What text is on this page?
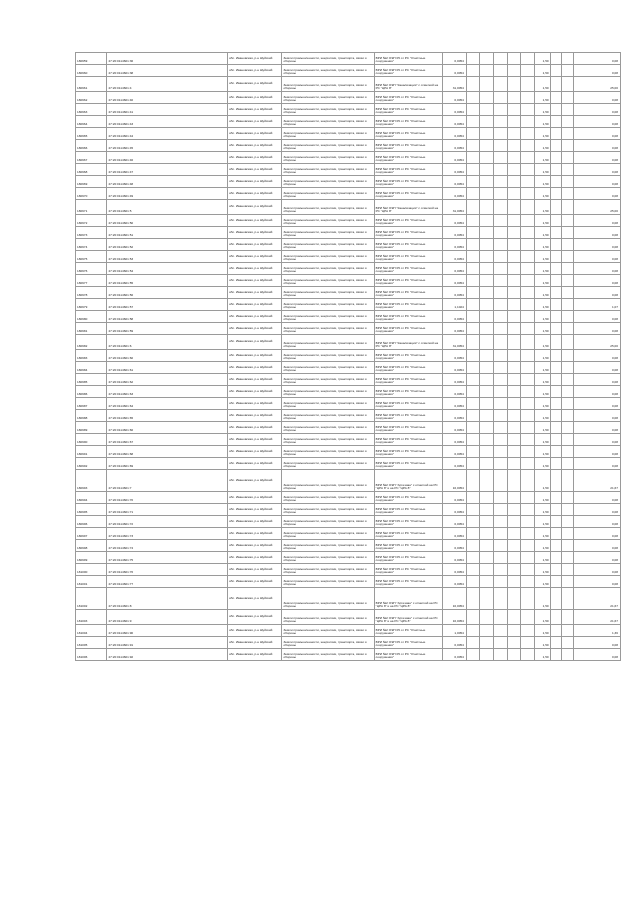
180959	27:20:0114601:36	обл. Ивановская, р-н Шуйский	Земли промышленности, энергетики, транспорта, связи и обороны	ВРИ №2 ОЭН 05 от РС "Очистные сооружения"	0,0054						1,50			0,08
180960	27:20:0114601:38	обл. Ивановская, р-н Шуйский	Земли промышленности, энергетики, транспорта, связи и обороны	ВРИ №2 ОЭН 05 от РС "Очистные сооружения"	0,0054						1,50			0,08
180961	27:20:0114601:4	обл. Ивановская, р-н Шуйский	Земли промышленности, энергетики, транспорта, связи и обороны	ВРИ №2 ОЭН "Канализация" с отметкой на РС "ЦРА 8"	31,0054						1,50			25,00
180962	27:20:0114601:40	обл. Ивановская, р-н Шуйский	Земли промышленности, энергетики, транспорта, связи и обороны	ВРИ №2 ОЭН 05 от РС "Очистные сооружения"	0,0054						1,50			0,08
180963	27:20:0114601:41	обл. Ивановская, р-н Шуйский	Земли промышленности, энергетики, транспорта, связи и обороны	ВРИ №2 ОЭН 05 от РС "Очистные сооружения"	0,0054						1,50			0,08
180964	27:20:0114601:43	обл. Ивановская, р-н Шуйский	Земли промышленности, энергетики, транспорта, связи и обороны	ВРИ №2 ОЭН 05 от РС "Очистные сооружения"	0,0054						1,50			0,08
180965	27:20:0114601:44	обл. Ивановская, р-н Шуйский	Земли промышленности, энергетики, транспорта, связи и обороны	ВРИ №2 ОЭН 05 от РС "Очистные сооружения"	0,0054						1,50			0,08
180966	27:20:0114601:45	обл. Ивановская, р-н Шуйский	Земли промышленности, энергетики, транспорта, связи и обороны	ВРИ №2 ОЭН 05 от РС "Очистные сооружения"	0,0054						1,50			0,08
180967	27:20:0114601:46	обл. Ивановская, р-н Шуйский	Земли промышленности, энергетики, транспорта, связи и обороны	ВРИ №2 ОЭН 05 от РС "Очистные сооружения"	0,0054						1,50			0,08
180968	27:20:0114601:47	обл. Ивановская, р-н Шуйский	Земли промышленности, энергетики, транспорта, связи и обороны	ВРИ №2 ОЭН 05 от РС "Очистные сооружения"	0,0054						1,50			0,08
180969	27:20:0114601:48	обл. Ивановская, р-н Шуйский	Земли промышленности, энергетики, транспорта, связи и обороны	ВРИ №2 ОЭН 05 от РС "Очистные сооружения"	0,0054						1,50			0,08
180970	27:20:0114601:49	обл. Ивановская, р-н Шуйский	Земли промышленности, энергетики, транспорта, связи и обороны	ВРИ №2 ОЭН 05 от РС "Очистные сооружения"	0,0054						1,50			0,08
180971	27:20:0114601:5	обл. Ивановская, р-н Шуйский	Земли промышленности, энергетики, транспорта, связи и обороны	ВРИ №2 ОЭН "Канализация" с отметкой на РС "ЦРА 8"	31,0054						1,50			25,00
180972	27:20:0114601:50	обл. Ивановская, р-н Шуйский	Земли промышленности, энергетики, транспорта, связи и обороны	ВРИ №2 ОЭН 05 от РС "Очистные сооружения"	0,0054						1,50			0,08
180973	27:20:0114601:51	обл. Ивановская, р-н Шуйский	Земли промышленности, энергетики, транспорта, связи и обороны	ВРИ №2 ОЭН 05 от РС "Очистные сооружения"	0,0054						1,50			0,08
180974	27:20:0114601:52	обл. Ивановская, р-н Шуйский	Земли промышленности, энергетики, транспорта, связи и обороны	ВРИ №2 ОЭН 05 от РС "Очистные сооружения"	0,0054						1,50			0,08
180975	27:20:0114601:53	обл. Ивановская, р-н Шуйский	Земли промышленности, энергетики, транспорта, связи и обороны	ВРИ №2 ОЭН 05 от РС "Очистные сооружения"	0,0054						1,50			0,08
180976	27:20:0114601:54	обл. Ивановская, р-н Шуйский	Земли промышленности, энергетики, транспорта, связи и обороны	ВРИ №2 ОЭН 05 от РС "Очистные сооружения"	0,0054						1,50			0,08
180977	27:20:0114601:55	обл. Ивановская, р-н Шуйский	Земли промышленности, энергетики, транспорта, связи и обороны	ВРИ №2 ОЭН 05 от РС "Очистные сооружения"	0,0054						1,50			0,08
180978	27:20:0114601:56	обл. Ивановская, р-н Шуйский	Земли промышленности, энергетики, транспорта, связи и обороны	ВРИ №2 ОЭН 05 от РС "Очистные сооружения"	0,0054						1,50			0,08
180979	27:20:0114601:57	обл. Ивановская, р-н Шуйский	Земли промышленности, энергетики, транспорта, связи и обороны	ВРИ №2 ОЭН 05 от РС "Очистные сооружения"	1,1024						1,50			1,07
180980	27:20:0114601:58	обл. Ивановская, р-н Шуйский	Земли промышленности, энергетики, транспорта, связи и обороны	ВРИ №2 ОЭН 05 от РС "Очистные сооружения"	0,0054						1,50			0,08
180981	27:20:0114601:59	обл. Ивановская, р-н Шуйский	Земли промышленности, энергетики, транспорта, связи и обороны	ВРИ №2 ОЭН 05 от РС "Очистные сооружения"	0,0054						1,50			0,08
180982	27:20:0114601:6	обл. Ивановская, р-н Шуйский	Земли промышленности, энергетики, транспорта, связи и обороны	ВРИ №2 ОЭН "Канализация" с отметкой на РС "ЦРА 8"	31,0054						1,50			25,00
180983	27:20:0114601:60	обл. Ивановская, р-н Шуйский	Земли промышленности, энергетики, транспорта, связи и обороны	ВРИ №2 ОЭН 05 от РС "Очистные сооружения"	0,0054						1,50			0,08
180984	27:20:0114601:61	обл. Ивановская, р-н Шуйский	Земли промышленности, энергетики, транспорта, связи и обороны	ВРИ №2 ОЭН 05 от РС "Очистные сооружения"	0,0054						1,50			0,08
180985	27:20:0114601:62	обл. Ивановская, р-н Шуйский	Земли промышленности, энергетики, транспорта, связи и обороны	ВРИ №2 ОЭН 05 от РС "Очистные сооружения"	0,0054						1,50			0,08
180986	27:20:0114601:63	обл. Ивановская, р-н Шуйский	Земли промышленности, энергетики, транспорта, связи и обороны	ВРИ №2 ОЭН 05 от РС "Очистные сооружения"	0,0054						1,50			0,08
180987	27:20:0114601:64	обл. Ивановская, р-н Шуйский	Земли промышленности, энергетики, транспорта, связи и обороны	ВРИ №2 ОЭН 05 от РС "Очистные сооружения"	0,0054						1,50			0,08
180988	27:20:0114601:65	обл. Ивановская, р-н Шуйский	Земли промышленности, энергетики, транспорта, связи и обороны	ВРИ №2 ОЭН 05 от РС "Очистные сооружения"	0,0054						1,50			0,08
180989	27:20:0114601:66	обл. Ивановская, р-н Шуйский	Земли промышленности, энергетики, транспорта, связи и обороны	ВРИ №2 ОЭН 05 от РС "Очистные сооружения"	0,0054						1,50			0,08
180990	27:20:0114601:67	обл. Ивановская, р-н Шуйский	Земли промышленности, энергетики, транспорта, связи и обороны	ВРИ №2 ОЭН 05 от РС "Очистные сооружения"	0,0054						1,50			0,08
180991	27:20:0114601:68	обл. Ивановская, р-н Шуйский	Земли промышленности, энергетики, транспорта, связи и обороны	ВРИ №2 ОЭН 05 от РС "Очистные сооружения"	0,0054						1,50			0,08
180992	27:20:0114601:69	обл. Ивановская, р-н Шуйский	Земли промышленности, энергетики, транспорта, связи и обороны	ВРИ №2 ОЭН 05 от РС "Очистные сооружения"	0,0054						1,50			0,08
180993	27:20:0114601:7	обл. Ивановская, р-н Шуйский	Земли промышленности, энергетики, транспорта, связи и обороны	ВРИ №2 ОЭН "Артезиан" с отметкой на РС "ЦРА 8" и на РС "ЦРА 8"	16,0054						1,50			21,67
180994	27:20:0114601:70	обл. Ивановская, р-н Шуйский	Земли промышленности, энергетики, транспорта, связи и обороны	ВРИ №2 ОЭН 05 от РС "Очистные сооружения"	0,0054						1,50			0,08
180995	27:20:0114601:71	обл. Ивановская, р-н Шуйский	Земли промышленности, энергетики, транспорта, связи и обороны	ВРИ №2 ОЭН 05 от РС "Очистные сооружения"	0,0054						1,50			0,08
180996	27:20:0114601:72	обл. Ивановская, р-н Шуйский	Земли промышленности, энергетики, транспорта, связи и обороны	ВРИ №2 ОЭН 05 от РС "Очистные сооружения"	0,0054						1,50			0,08
180997	27:20:0114601:73	обл. Ивановская, р-н Шуйский	Земли промышленности, энергетики, транспорта, связи и обороны	ВРИ №2 ОЭН 05 от РС "Очистные сооружения"	0,0054						1,50			0,08
180998	27:20:0114601:74	обл. Ивановская, р-н Шуйский	Земли промышленности, энергетики, транспорта, связи и обороны	ВРИ №2 ОЭН 05 от РС "Очистные сооружения"	0,0054						1,50			0,08
180999	27:20:0114601:75	обл. Ивановская, р-н Шуйский	Земли промышленности, энергетики, транспорта, связи и обороны	ВРИ №2 ОЭН 05 от РС "Очистные сооружения"	0,0054						1,50			0,08
181000	27:20:0114601:76	обл. Ивановская, р-н Шуйский	Земли промышленности, энергетики, транспорта, связи и обороны	ВРИ №2 ОЭН 05 от РС "Очистные сооружения"	0,0054						1,50			0,08
181001	27:20:0114601:77	обл. Ивановская, р-н Шуйский	Земли промышленности, энергетики, транспорта, связи и обороны	ВРИ №2 ОЭН 05 от РС "Очистные сооружения"	0,0054						1,50			0,08
181002	27:20:0114601:8	обл. Ивановская, р-н Шуйский	Земли промышленности, энергетики, транспорта, связи и обороны	ВРИ №2 ОЭН "Артезиан" с отметкой на РС "ЦРА 8" и на РС "ЦРА 8"	16,0054						1,50			21,67
181003	27:20:0114601:9	обл. Ивановская, р-н Шуйский	Земли промышленности, энергетики, транспорта, связи и обороны	ВРИ №2 ОЭН "Артезиан" с отметкой на РС "ЦРА 8" и на РС "ЦРА 8"	16,0054						1,50			21,67
181004	27:20:0114601:90	обл. Ивановская, р-н Шуйский	Земли промышленности, энергетики, транспорта, связи и обороны	ВРИ №2 ОЭН 05 от РС "Очистные сооружения"	1,0054						1,50			1,36
181005	27:20:0114601:91	обл. Ивановская, р-н Шуйский	Земли промышленности, энергетики, транспорта, связи и обороны	ВРИ №2 ОЭН 05 от РС "Очистные сооружения"	0,0054						1,50			0,08
181006	27:20:0114601:92	обл. Ивановская, р-н Шуйский	Земли промышленности, энергетики, транспорта, связи и обороны	ВРИ №2 ОЭН 05 от РС "Очистные сооружения"	0,0054						1,50			0,08
